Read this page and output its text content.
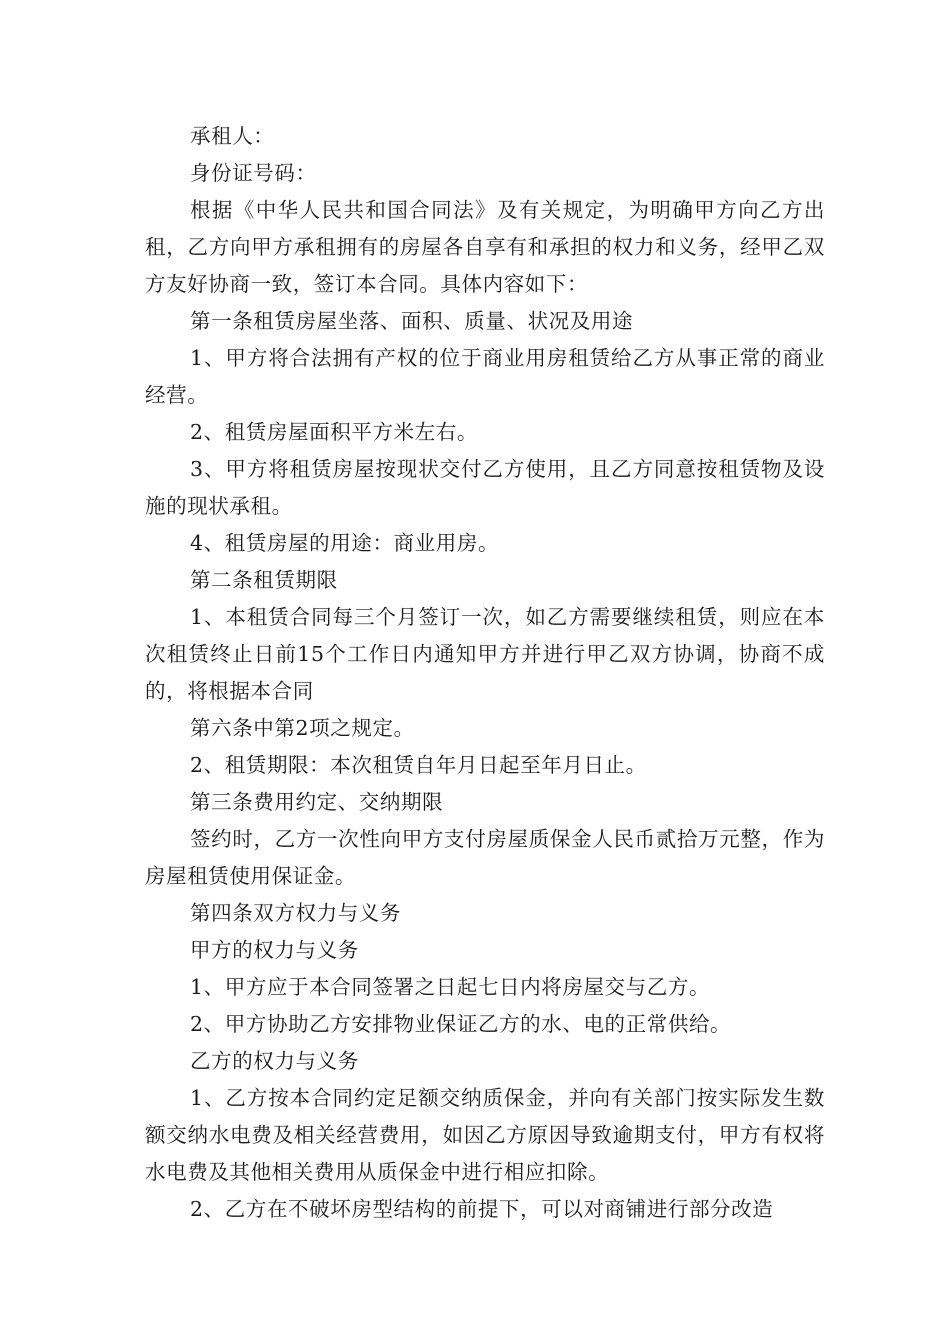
承租人：

身份证号码：

根据《中华人民共和国合同法》及有关规定，为明确甲方向乙方出租，乙方向甲方承租拥有的房屋各自享有和承担的权力和义务，经甲乙双方友好协商一致，签订本合同。具体内容如下：

第一条租赁房屋坐落、面积、质量、状况及用途

1、甲方将合法拥有产权的位于商业用房租赁给乙方从事正常的商业经营。

2、租赁房屋面积平方米左右。

3、甲方将租赁房屋按现状交付乙方使用，且乙方同意按租赁物及设施的现状承租。

4、租赁房屋的用途：商业用房。

第二条租赁期限

1、本租赁合同每三个月签订一次，如乙方需要继续租赁，则应在本次租赁终止日前15个工作日内通知甲方并进行甲乙双方协调，协商不成的，将根据本合同

第六条中第2项之规定。

2、租赁期限：本次租赁自年月日起至年月日止。

第三条费用约定、交纳期限

签约时，乙方一次性向甲方支付房屋质保金人民币贰拾万元整，作为房屋租赁使用保证金。

第四条双方权力与义务

甲方的权力与义务

1、甲方应于本合同签署之日起七日内将房屋交与乙方。

2、甲方协助乙方安排物业保证乙方的水、电的正常供给。

乙方的权力与义务

1、乙方按本合同约定足额交纳质保金，并向有关部门按实际发生数额交纳水电费及相关经营费用，如因乙方原因导致逾期支付，甲方有权将水电费及其他相关费用从质保金中进行相应扣除。

2、乙方在不破坏房型结构的前提下，可以对商铺进行部分改造
